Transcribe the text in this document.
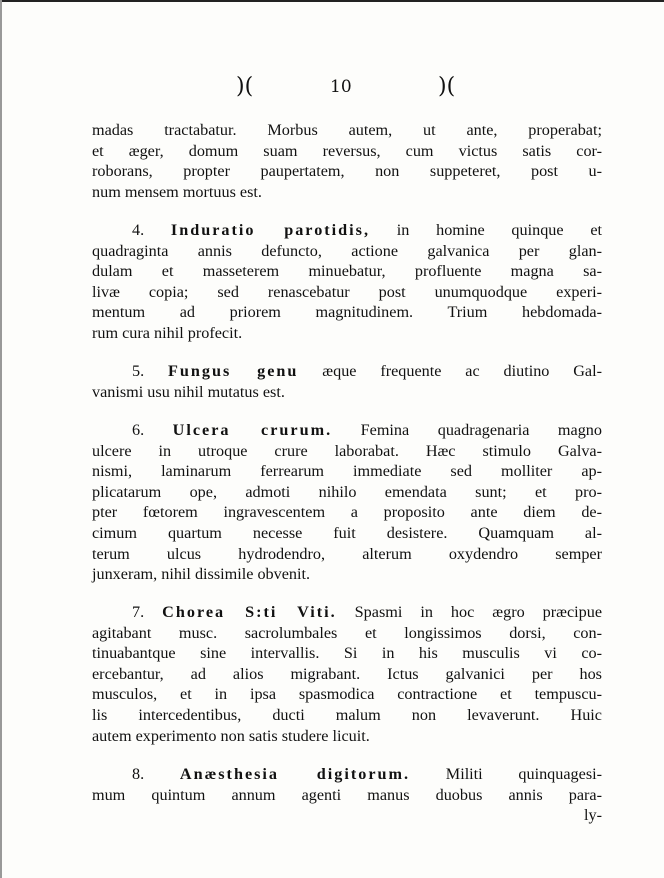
)(	10	)(
madas tractabatur. Morbus autem, ut ante, properabat;
et æger, domum suam reversus, cum victus satis cor-
roborans, propter paupertatem, non suppeteret, post u-
num mensem mortuus est.
4. Induratio parotidis, in homine quinque et
quadraginta annis defuncto, actione galvanica per glan-
dulam et masseterem minuebatur, profluente magna sa-
livæ copia; sed renascebatur post unumquodque experi-
mentum ad priorem magnitudinem. Trium hebdomada-
rum cura nihil profecit.
5. Fungus genu æque frequente ac diutino Gal-
vanismi usu nihil mutatus est.
6. Ulcera crurum. Femina quadragenaria magno
ulcere in utroque crure laborabat. Hæc stimulo Galva-
nismi, laminarum ferrearum immediate sed molliter ap-
plicatarum ope, admoti nihilo emendata sunt; et pro-
pter fœtorem ingravescentem a proposito ante diem de-
cimum quartum necesse fuit desistere. Quamquam al-
terum ulcus hydrodendro, alterum oxydendro semper
junxeram, nihil dissimile obvenit.
7. Chorea S:ti Viti. Spasmi in hoc ægro præcipue
agitabant musc. sacrolumbales et longissimos dorsi, con-
tinuabantque sine intervallis. Si in his musculis vi co-
ercebantur, ad alios migrabant. Ictus galvanici per hos
musculos, et in ipsa spasmodica contractione et tempuscu-
lis intercedentibus, ducti malum non levaverunt. Huic
autem experimento non satis studere licuit.
8. Anæsthesia digitorum. Militi quinquagesi-
mum quintum annum agenti manus duobus annis para-
ly-
